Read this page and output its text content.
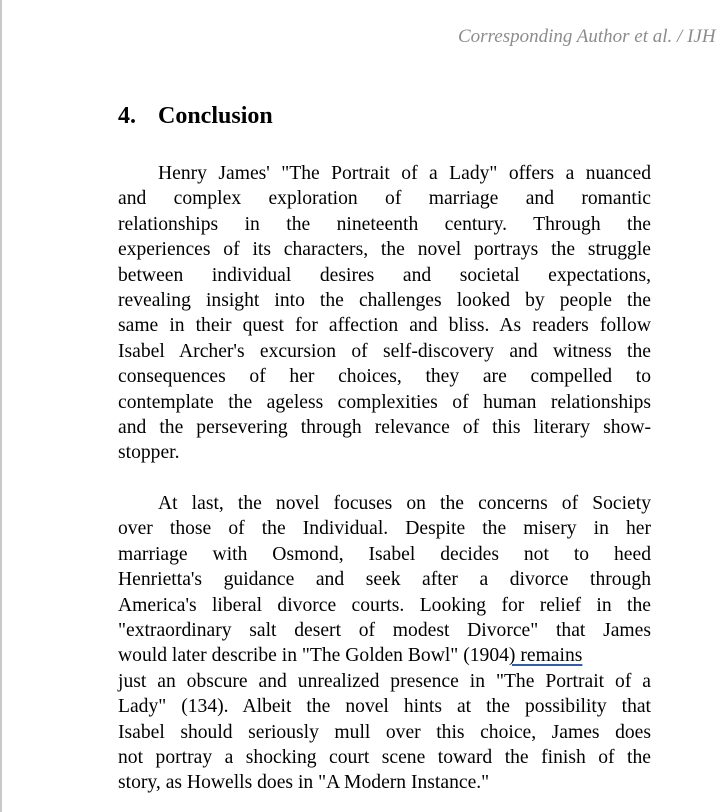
Corresponding Author et al. / IJH
4. Conclusion
Henry James' "The Portrait of a Lady" offers a nuanced
and complex exploration of marriage and romantic
relationships in the nineteenth century. Through the
experiences of its characters, the novel portrays the struggle
between individual desires and societal expectations,
revealing insight into the challenges looked by people the
same in their quest for affection and bliss. As readers follow
Isabel Archer's excursion of self-discovery and witness the
consequences of her choices, they are compelled to
contemplate the ageless complexities of human relationships
and the persevering through relevance of this literary show-
stopper.
At last, the novel focuses on the concerns of Society
over those of the Individual. Despite the misery in her
marriage with Osmond, Isabel decides not to heed
Henrietta's guidance and seek after a divorce through
America's liberal divorce courts. Looking for relief in the
"extraordinary salt desert of modest Divorce" that James
would later describe in "The Golden Bowl" (1904) remains
just an obscure and unrealized presence in "The Portrait of a
Lady" (134). Albeit the novel hints at the possibility that
Isabel should seriously mull over this choice, James does
not portray a shocking court scene toward the finish of the
story, as Howells does in "A Modern Instance."
